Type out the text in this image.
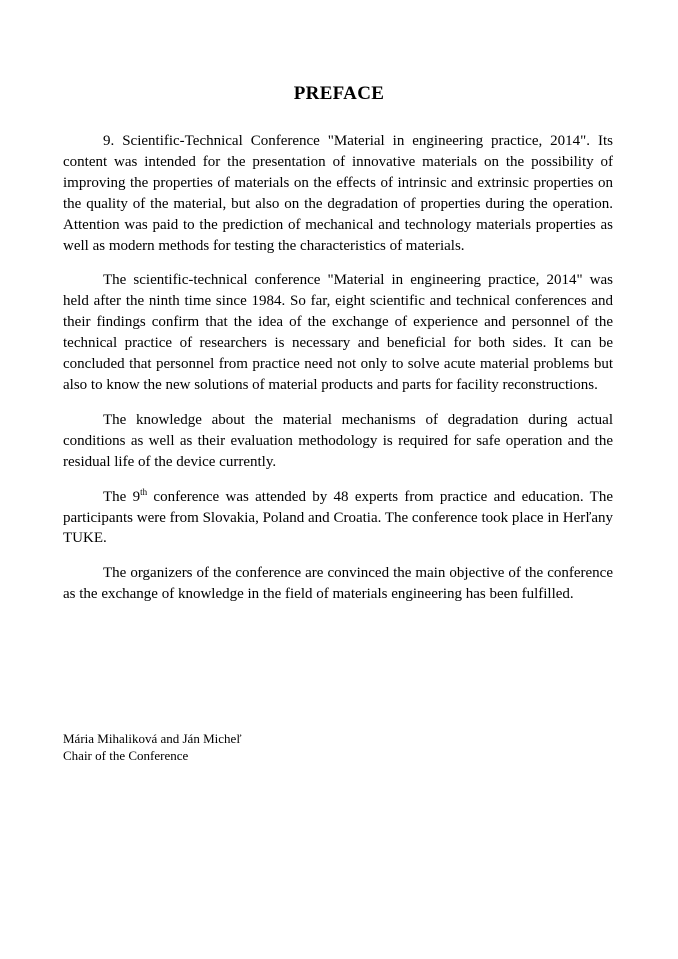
PREFACE

9. Scientific-Technical Conference "Material in engineering practice, 2014". Its content was intended for the presentation of innovative materials on the possibility of improving the properties of materials on the effects of intrinsic and extrinsic properties on the quality of the material, but also on the degradation of properties during the operation. Attention was paid to the prediction of mechanical and technology materials properties as well as modern methods for testing the characteristics of materials.

The scientific-technical conference "Material in engineering practice, 2014" was held after the ninth time since 1984. So far, eight scientific and technical conferences and their findings confirm that the idea of the exchange of experience and personnel of the technical practice of researchers is necessary and beneficial for both sides. It can be concluded that personnel from practice need not only to solve acute material problems but also to know the new solutions of material products and parts for facility reconstructions.

The knowledge about the material mechanisms of degradation during actual conditions as well as their evaluation methodology is required for safe operation and the residual life of the device currently.

The 9th conference was attended by 48 experts from practice and education. The participants were from Slovakia, Poland and Croatia. The conference took place in Herľany TUKE.

The organizers of the conference are convinced the main objective of the conference as the exchange of knowledge in the field of materials engineering has been fulfilled.

Mária Mihaliková and Ján Micheľ
Chair of the Conference
